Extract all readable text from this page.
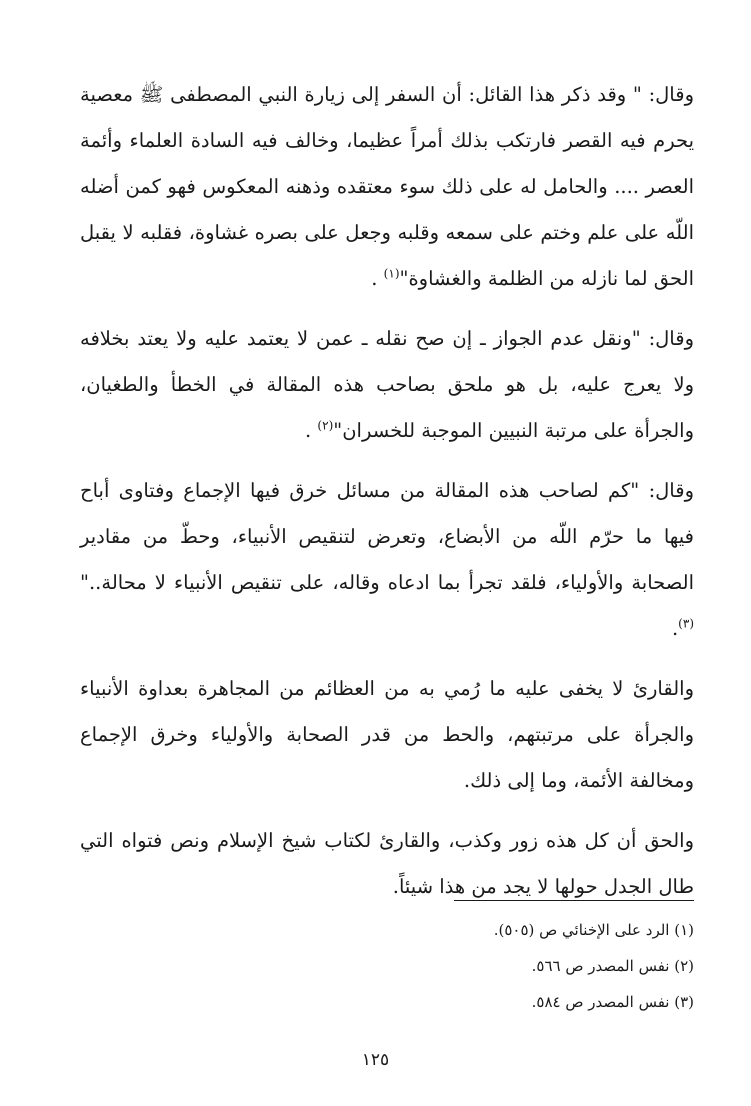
وقال: " وقد ذكر هذا القائل: أن السفر إلى زيارة النبي المصطفى ﷺ معصية يحرم فيه القصر فارتكب بذلك أمراً عظيما، وخالف فيه السادة العلماء وأئمة العصر .... والحامل له على ذلك سوء معتقده وذهنه المعكوس فهو كمن أضله اللّه على علم وختم على سمعه وقلبه وجعل على بصره غشاوة، فقلبه لا يقبل الحق لما نازله من الظلمة والغشاوة"$^{(١)}$ .

وقال: "ونقل عدم الجواز ـ إن صح نقله ـ عمن لا يعتمد عليه ولا يعتد بخلافه ولا يعرج عليه، بل هو ملحق بصاحب هذه المقالة في الخطأ والطغيان، والجرأة على مرتبة النبيين الموجبة للخسران"$^{(٢)}$ .

وقال: "كم لصاحب هذه المقالة من مسائل خرق فيها الإجماع وفتاوى أباح فيها ما حرّم اللّه من الأبضاع، وتعرض لتنقيص الأنبياء، وحطّ من مقادير الصحابة والأولياء، فلقد تجرأ بما ادعاه وقاله، على تنقيص الأنبياء لا محالة.."$^{(٣)}$.

والقارئ لا يخفى عليه ما رُمي به من العظائم من المجاهرة بعداوة الأنبياء والجرأة على مرتبتهم، والحط من قدر الصحابة والأولياء وخرق الإجماع ومخالفة الأئمة، وما إلى ذلك.

والحق أن كل هذه زور وكذب، والقارئ لكتاب شيخ الإسلام ونص فتواه التي طال الجدل حولها لا يجد من هذا شيئاً.

(١) الرد على الإخنائي ص (٥٠٥).
(٢) نفس المصدر ص ٥٦٦.
(٣) نفس المصدر ص ٥٨٤.
١٢٥
